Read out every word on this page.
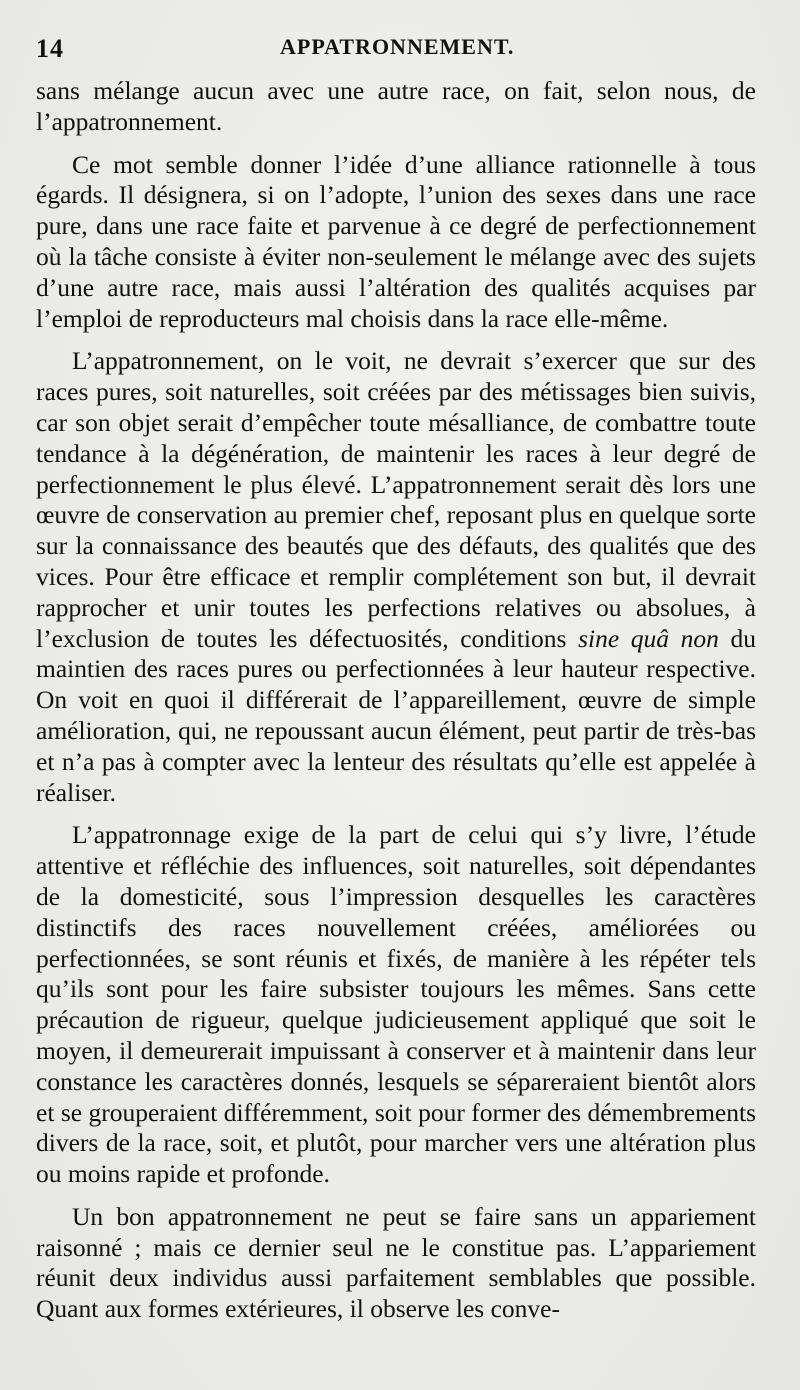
14	APPATRONNEMENT.

sans mélange aucun avec une autre race, on fait, selon nous, de l’appatronnement.

Ce mot semble donner l’idée d’une alliance rationnelle à tous égards. Il désignera, si on l’adopte, l’union des sexes dans une race pure, dans une race faite et parvenue à ce degré de perfectionnement où la tâche consiste à éviter non-seulement le mélange avec des sujets d’une autre race, mais aussi l’altération des qualités acquises par l’emploi de reproducteurs mal choisis dans la race elle-même.

L’appatronnement, on le voit, ne devrait s’exercer que sur des races pures, soit naturelles, soit créées par des métissages bien suivis, car son objet serait d’empêcher toute mésalliance, de combattre toute tendance à la dégénération, de maintenir les races à leur degré de perfectionnement le plus élevé. L’appatronnement serait dès lors une œuvre de conservation au premier chef, reposant plus en quelque sorte sur la connaissance des beautés que des défauts, des qualités que des vices. Pour être efficace et remplir complétement son but, il devrait rapprocher et unir toutes les perfections relatives ou absolues, à l’exclusion de toutes les défectuosités, conditions sine quâ non du maintien des races pures ou perfectionnées à leur hauteur respective. On voit en quoi il différerait de l’appareillement, œuvre de simple amélioration, qui, ne repoussant aucun élément, peut partir de très-bas et n’a pas à compter avec la lenteur des résultats qu’elle est appelée à réaliser.

L’appatronnage exige de la part de celui qui s’y livre, l’étude attentive et réfléchie des influences, soit naturelles, soit dépendantes de la domesticité, sous l’impression desquelles les caractères distinctifs des races nouvellement créées, améliorées ou perfectionnées, se sont réunis et fixés, de manière à les répéter tels qu’ils sont pour les faire subsister toujours les mêmes. Sans cette précaution de rigueur, quelque judicieusement appliqué que soit le moyen, il demeurerait impuissant à conserver et à maintenir dans leur constance les caractères donnés, lesquels se sépareraient bientôt alors et se grouperaient différemment, soit pour former des démembrements divers de la race, soit, et plutôt, pour marcher vers une altération plus ou moins rapide et profonde.

Un bon appatronnement ne peut se faire sans un appariement raisonné ; mais ce dernier seul ne le constitue pas. L’appariement réunit deux individus aussi parfaitement semblables que possible. Quant aux formes extérieures, il observe les conve-
